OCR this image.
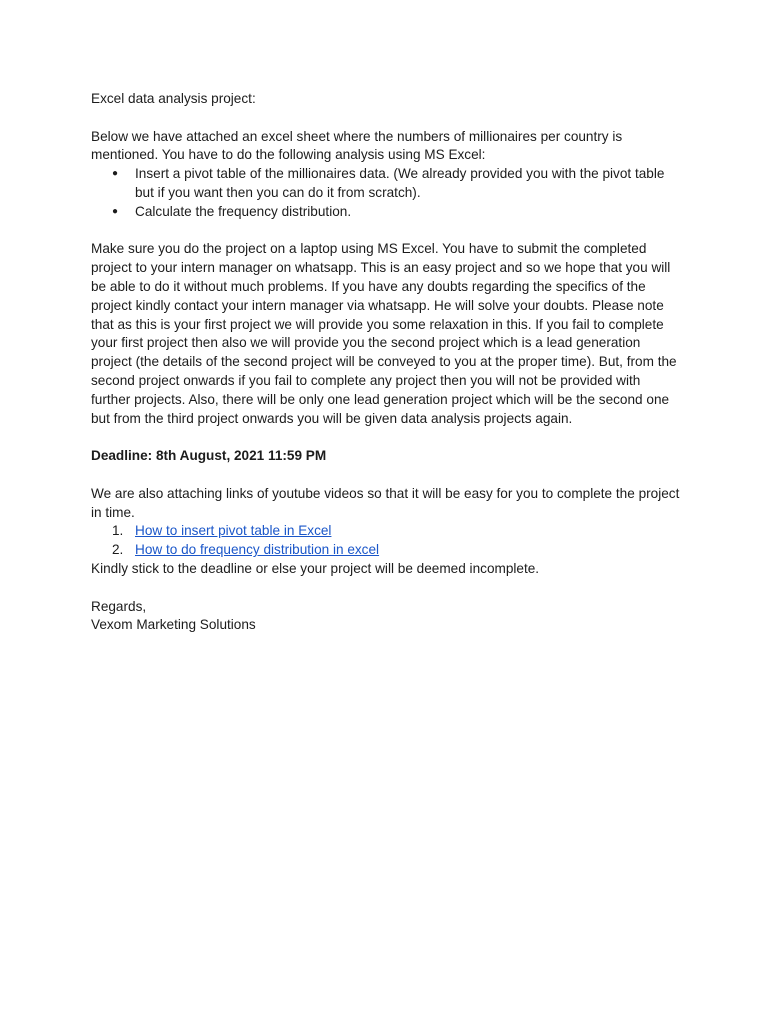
Excel data analysis project:

Below we have attached an excel sheet where the numbers of millionaires per country is mentioned. You have to do the following analysis using MS Excel:

● Insert a pivot table of the millionaires data. (We already provided you with the pivot table but if you want then you can do it from scratch).
● Calculate the frequency distribution.

Make sure you do the project on a laptop using MS Excel. You have to submit the completed project to your intern manager on whatsapp. This is an easy project and so we hope that you will be able to do it without much problems. If you have any doubts regarding the specifics of the project kindly contact your intern manager via whatsapp. He will solve your doubts. Please note that as this is your first project we will provide you some relaxation in this. If you fail to complete your first project then also we will provide you the second project which is a lead generation project (the details of the second project will be conveyed to you at the proper time). But, from the second project onwards if you fail to complete any project then you will not be provided with further projects. Also, there will be only one lead generation project which will be the second one but from the third project onwards you will be given data analysis projects again.

Deadline: 8th August, 2021 11:59 PM

We are also attaching links of youtube videos so that it will be easy for you to complete the project in time.

1. How to insert pivot table in Excel
2. How to do frequency distribution in excel

Kindly stick to the deadline or else your project will be deemed incomplete.

Regards,

Vexom Marketing Solutions
